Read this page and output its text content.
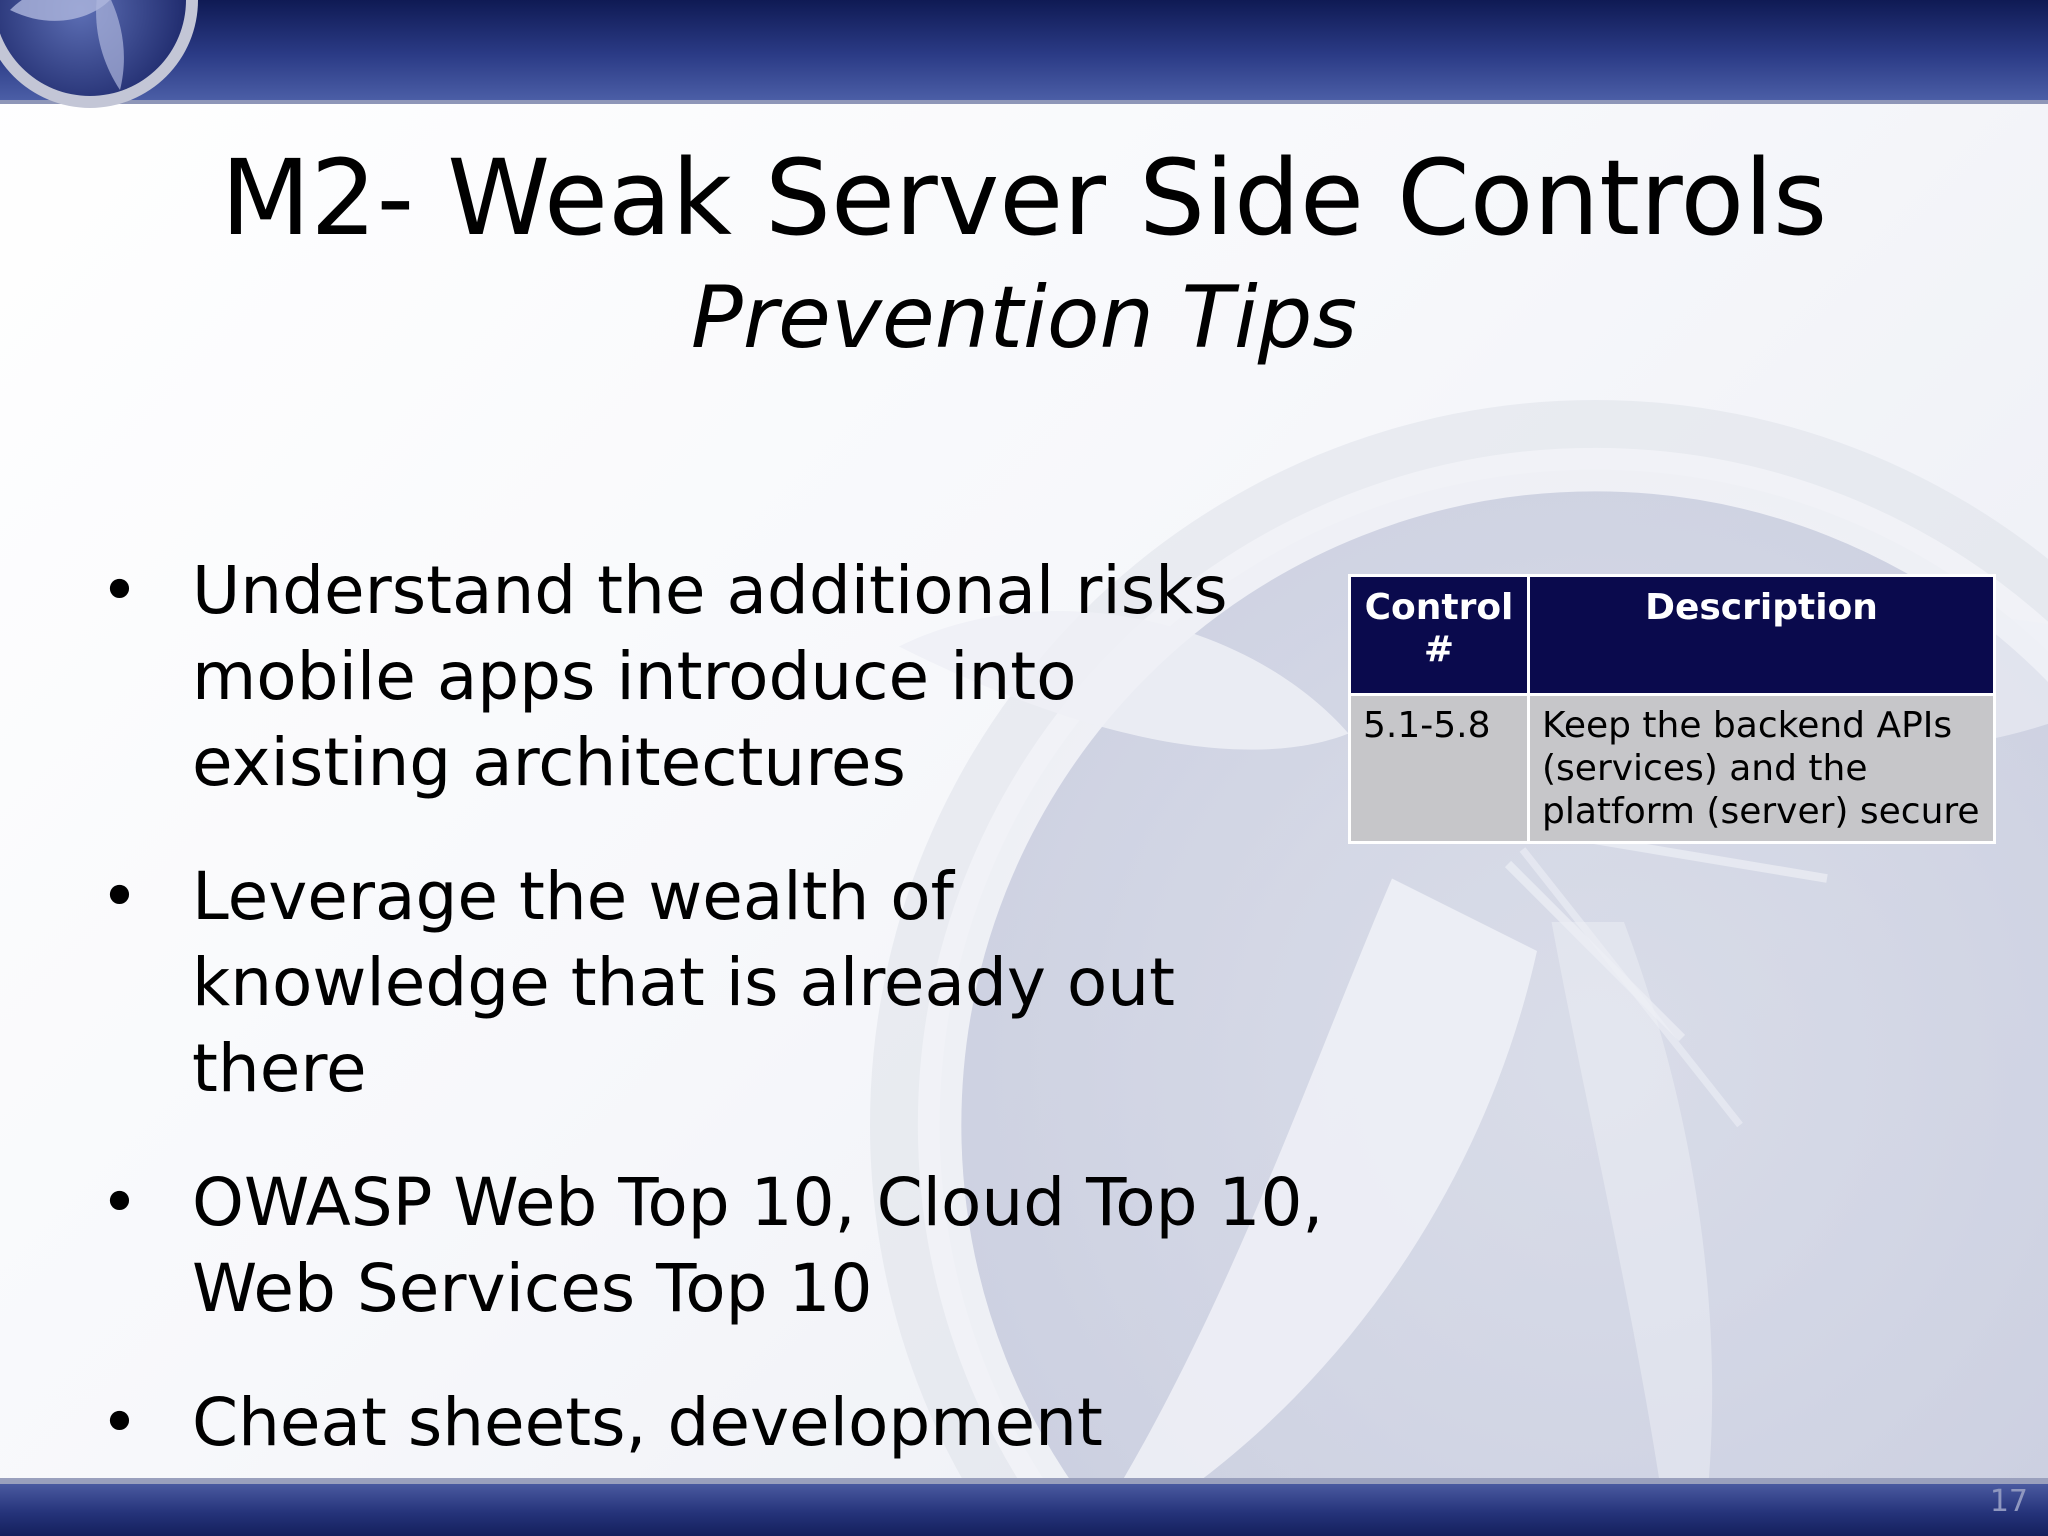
M2- Weak Server Side Controls
Prevention Tips
• Understand the additional risks mobile apps introduce into existing architectures
• Leverage the wealth of knowledge that is already out there
• OWASP Web Top 10, Cloud Top 10, Web Services Top 10
• Cheat sheets, development
Control #	Description
5.1-5.8	Keep the backend APIs (services) and the platform (server) secure
17
